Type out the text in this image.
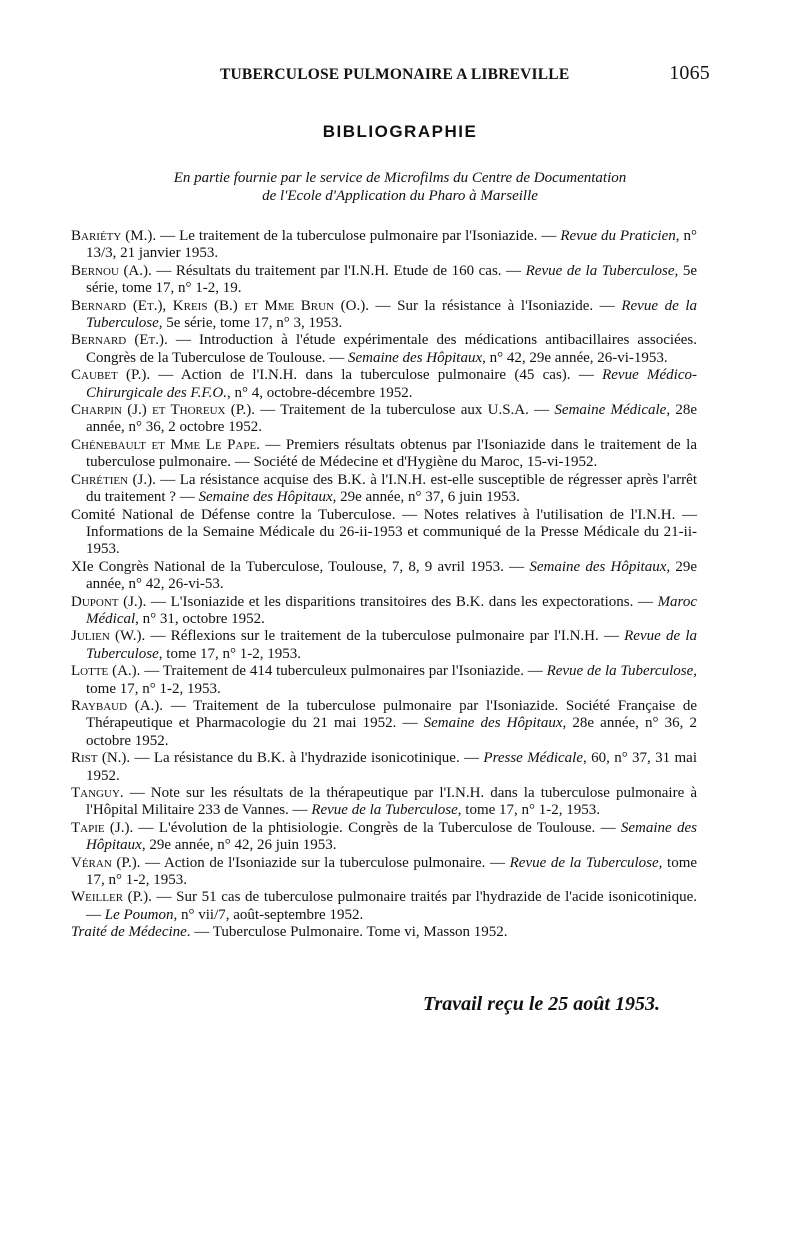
TUBERCULOSE PULMONAIRE A LIBREVILLE	1065
BIBLIOGRAPHIE
En partie fournie par le service de Microfilms du Centre de Documentation
de l'Ecole d'Application du Pharo à Marseille

Bariéty (M.). — Le traitement de la tuberculose pulmonaire par l'Isoniazide. — Revue du Praticien, n° 13/3, 21 janvier 1953.

Bernou (A.). — Résultats du traitement par l'I.N.H. Etude de 160 cas. — Revue de la Tuberculose, 5e série, tome 17, n° 1-2, 19.

Bernard (Et.), Kreis (B.) et Mme Brun (O.). — Sur la résistance à l'Isoniazide. — Revue de la Tuberculose, 5e série, tome 17, n° 3, 1953.

Bernard (Et.). — Introduction à l'étude expérimentale des médications antibacillaires associées. Congrès de la Tuberculose de Toulouse. — Semaine des Hôpitaux, n° 42, 29e année, 26-vi-1953.

Caubet (P.). — Action de l'I.N.H. dans la tuberculose pulmonaire (45 cas). — Revue Médico-Chirurgicale des F.F.O., n° 4, octobre-décembre 1952.

Charpin (J.) et Thoreux (P.). — Traitement de la tuberculose aux U.S.A. — Semaine Médicale, 28e année, n° 36, 2 octobre 1952.

Chénebault et Mme Le Pape. — Premiers résultats obtenus par l'Isoniazide dans le traitement de la tuberculose pulmonaire. — Société de Médecine et d'Hygiène du Maroc, 15-vi-1952.

Chrétien (J.). — La résistance acquise des B.K. à l'I.N.H. est-elle susceptible de régresser après l'arrêt du traitement ? — Semaine des Hôpitaux, 29e année, n° 37, 6 juin 1953.

Comité National de Défense contre la Tuberculose. — Notes relatives à l'utilisation de l'I.N.H. — Informations de la Semaine Médicale du 26-ii-1953 et communiqué de la Presse Médicale du 21-ii-1953.

XIe Congrès National de la Tuberculose, Toulouse, 7, 8, 9 avril 1953. — Semaine des Hôpitaux, 29e année, n° 42, 26-vi-53.

Dupont (J.). — L'Isoniazide et les disparitions transitoires des B.K. dans les expectorations. — Maroc Médical, n° 31, octobre 1952.

Julien (W.). — Réflexions sur le traitement de la tuberculose pulmonaire par l'I.N.H. — Revue de la Tuberculose, tome 17, n° 1-2, 1953.

Lotte (A.). — Traitement de 414 tuberculeux pulmonaires par l'Isoniazide. — Revue de la Tuberculose, tome 17, n° 1-2, 1953.

Raybaud (A.). — Traitement de la tuberculose pulmonaire par l'Isoniazide. Société Française de Thérapeutique et Pharmacologie du 21 mai 1952. — Semaine des Hôpitaux, 28e année, n° 36, 2 octobre 1952.

Rist (N.). — La résistance du B.K. à l'hydrazide isonicotinique. — Presse Médicale, 60, n° 37, 31 mai 1952.

Tanguy. — Note sur les résultats de la thérapeutique par l'I.N.H. dans la tuberculose pulmonaire à l'Hôpital Militaire 233 de Vannes. — Revue de la Tuberculose, tome 17, n° 1-2, 1953.

Tapie (J.). — L'évolution de la phtisiologie. Congrès de la Tuberculose de Toulouse. — Semaine des Hôpitaux, 29e année, n° 42, 26 juin 1953.

Véran (P.). — Action de l'Isoniazide sur la tuberculose pulmonaire. — Revue de la Tuberculose, tome 17, n° 1-2, 1953.

Weiller (P.). — Sur 51 cas de tuberculose pulmonaire traités par l'hydrazide de l'acide isonicotinique. — Le Poumon, n° vii/7, août-septembre 1952.

Traité de Médecine. — Tuberculose Pulmonaire. Tome vi, Masson 1952.

Travail reçu le 25 août 1953.
